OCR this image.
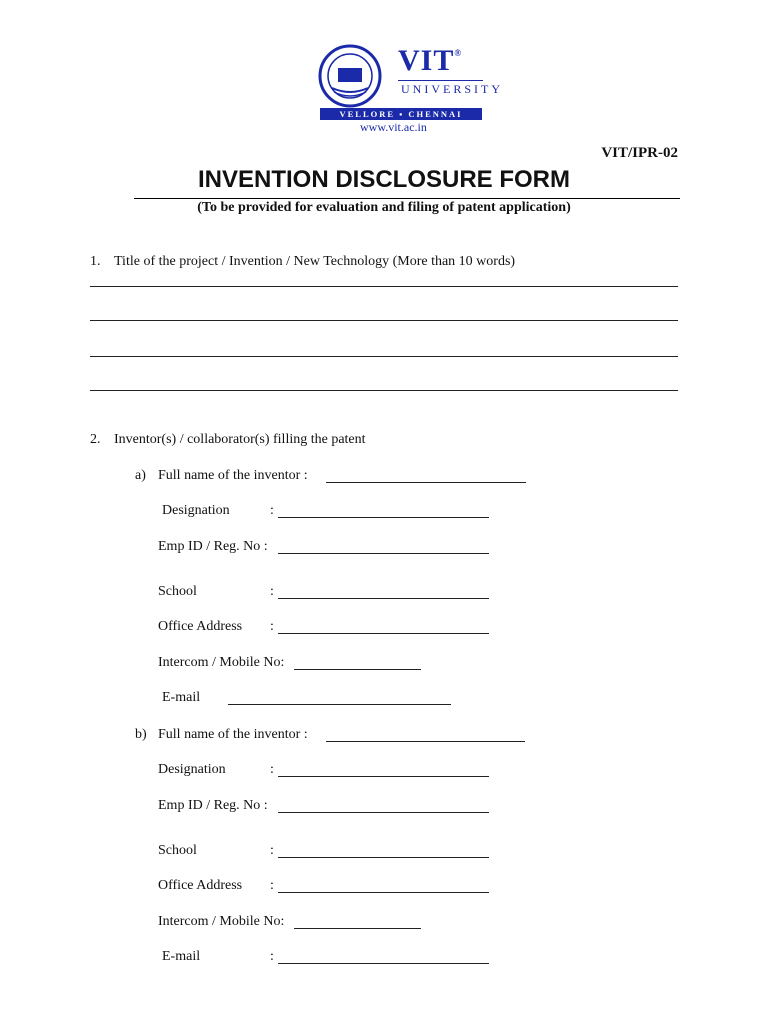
VIT®
UNIVERSITY
VELLORE ▪ CHENNAI
www.vit.ac.in
VIT/IPR-02
INVENTION DISCLOSURE FORM
(To be provided for evaluation and filing of patent application)
1. Title of the project / Invention / New Technology (More than 10 words)
2. Inventor(s) / collaborator(s) filling the patent
a) Full name of the inventor :
Designation	:
Emp ID / Reg. No :
School	:
Office Address :
Intercom / Mobile No:
E-mail
b) Full name of the inventor :
Designation	:
Emp ID / Reg. No :
School	:
Office Address :
Intercom / Mobile No:
E-mail	:
